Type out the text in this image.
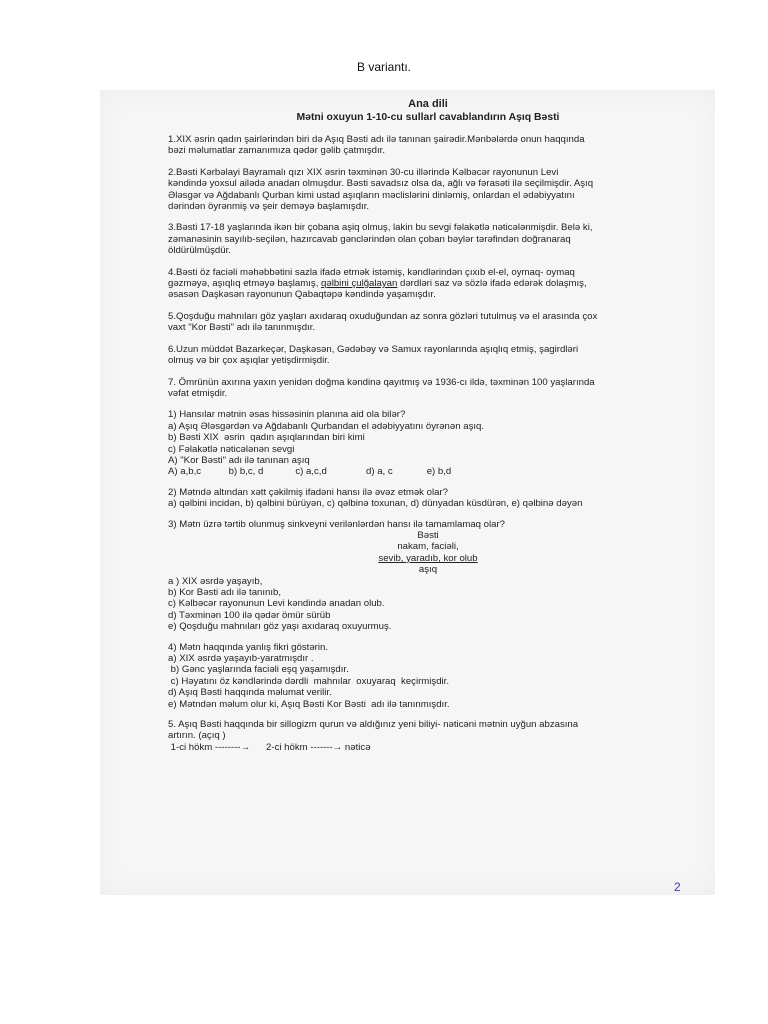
B variantı.
Ana dili
Mətni oxuyun 1-10-cu sullarl cavablandırın Aşıq Bəsti

1.XIX əsrin qadın şairlərindən biri də Aşıq Bəsti adı ilə tanınan şairədir.Mənbələrdə onun haqqında

bəzi məlumatlar zamanımıza qədər gəlib çatmışdır.

2.Bəsti Kərbəlayi Bayramalı qızı XIX əsrin təxminən 30-cu illərində Kəlbəcər rayonunun Levi

kəndində yoxsul ailədə anadan olmuşdur. Bəsti savadsız olsa da, ağlı və fərasəti ilə seçilmişdir. Aşıq

Ələsgər və Ağdabanlı Qurban kimi ustad aşıqların məclislərini dinləmiş, onlardan el ədəbiyyatını

dərindən öyrənmiş və şeir deməyə başlamışdır.

3.Bəsti 17-18 yaşlarında ikən bir çobana aşiq olmuş, lakin bu sevgi fəlakətlə nəticələnmişdir. Belə ki,

zəmanəsinin sayılıb-seçilən, hazırcavab gənclərindən olan çoban bəylər tərəfindən doğranaraq

öldürülmüşdür.

4.Bəsti öz faciəli məhəbbətini sazla ifadə etmək istəmiş, kəndlərindən çıxıb el-el, oymaq- oymaq

gəzməyə, aşıqlıq etməyə başlamış, qəlbini çulğalayan dərdləri saz və sözlə ifadə edərək dolaşmış,

əsasən Daşkəsən rayonunun Qabaqtəpə kəndində yaşamışdır.

5.Qoşduğu mahnıları göz yaşları axıdaraq oxuduğundan az sonra gözləri tutulmuş və el arasında çox

vaxt "Kor Bəsti" adı ilə tanınmışdır.

6.Uzun müddət Bazarkeçər, Daşkəsən, Gədəbəy və Samux rayonlarında aşıqlıq etmiş, şagirdləri

olmuş və bir çox aşıqlar yetişdirmişdir.

7. Ömrünün axırına yaxın yenidən doğma kəndinə qayıtmış və 1936-cı ildə, təxminən 100 yaşlarında

vəfat etmişdir.

1) Hansılar mətnin əsas hissəsinin planına aid ola bilər?

a) Aşıq Ələsgərdən və Ağdabanlı Qurbandan el ədəbiyyatını öyrənən aşıq.

b) Bəsti XIX  əsrin  qadın aşıqlarından biri kimi

c) Fəlakətlə nəticələnən sevgi

A) "Kor Bəsti" adı ilə tanınan aşıq

A) a,b,c	b) b,c, d	c) a,c,d	d) a, c	e) b,d

2) Mətndə altından xətt çəkilmiş ifadəni hansı ilə əvəz etmək olar?

a) qəlbini incidən, b) qəlbini bürüyən, c) qəlbinə toxunan, d) dünyadan küsdürən, e) qəlbinə dəyən

3) Mətn üzrə tərtib olunmuş sinkveyni verilənlərdən hansı ilə tamamlamaq olar?

Bəsti

nakam, faciəli,

sevib, yaradıb, kor olub

aşıq

a ) XIX əsrdə yaşayıb,

b) Kor Bəsti adı ilə tanınıb,

c) Kəlbəcər rayonunun Levi kəndində anadan olub.

d) Təxminən 100 ilə qədər ömür sürüb

e) Qoşduğu mahnıları göz yaşı axıdaraq oxuyurmuş.

4) Mətn haqqında yanlış fikri göstərin.

a) XIX əsrdə yaşayıb-yaratmışdır .

b) Gənc yaşlarında faciəli eşq yaşamışdır.

c) Həyatını öz kəndlərində dərdli  mahnılar  oxuyaraq  keçirmişdir.

d) Aşıq Bəsti haqqında məlumat verilir.

e) Mətndən məlum olur ki, Aşıq Bəsti Kor Bəsti  adı ilə tanınmışdır.

5. Aşıq Bəsti haqqında bir sillogizm qurun və aldığınız yeni biliyi- nəticəni mətnin uyğun abzasına

artırın. (açıq )

1-ci hökm --------→      2-ci hökm -------→ nəticə

2
